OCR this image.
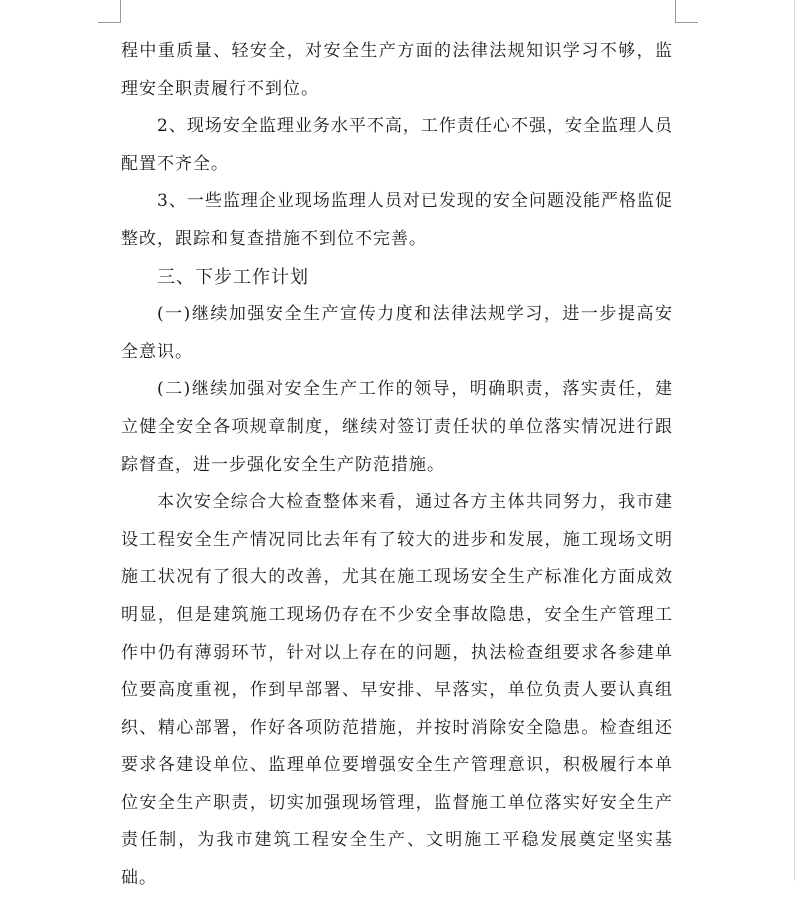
程中重质量、轻安全，对安全生产方面的法律法规知识学习不够，监理安全职责履行不到位。

2、现场安全监理业务水平不高，工作责任心不强，安全监理人员配置不齐全。

3、一些监理企业现场监理人员对已发现的安全问题没能严格监促整改，跟踪和复查措施不到位不完善。

三、下步工作计划

(一)继续加强安全生产宣传力度和法律法规学习，进一步提高安全意识。

(二)继续加强对安全生产工作的领导，明确职责，落实责任，建立健全安全各项规章制度，继续对签订责任状的单位落实情况进行跟踪督查，进一步强化安全生产防范措施。

本次安全综合大检查整体来看，通过各方主体共同努力，我市建设工程安全生产情况同比去年有了较大的进步和发展，施工现场文明施工状况有了很大的改善，尤其在施工现场安全生产标准化方面成效明显，但是建筑施工现场仍存在不少安全事故隐患，安全生产管理工作中仍有薄弱环节，针对以上存在的问题，执法检查组要求各参建单位要高度重视，作到早部署、早安排、早落实，单位负责人要认真组织、精心部署，作好各项防范措施，并按时消除安全隐患。检查组还要求各建设单位、监理单位要增强安全生产管理意识，积极履行本单位安全生产职责，切实加强现场管理，监督施工单位落实好安全生产责任制，为我市建筑工程安全生产、文明施工平稳发展奠定坚实基础。
